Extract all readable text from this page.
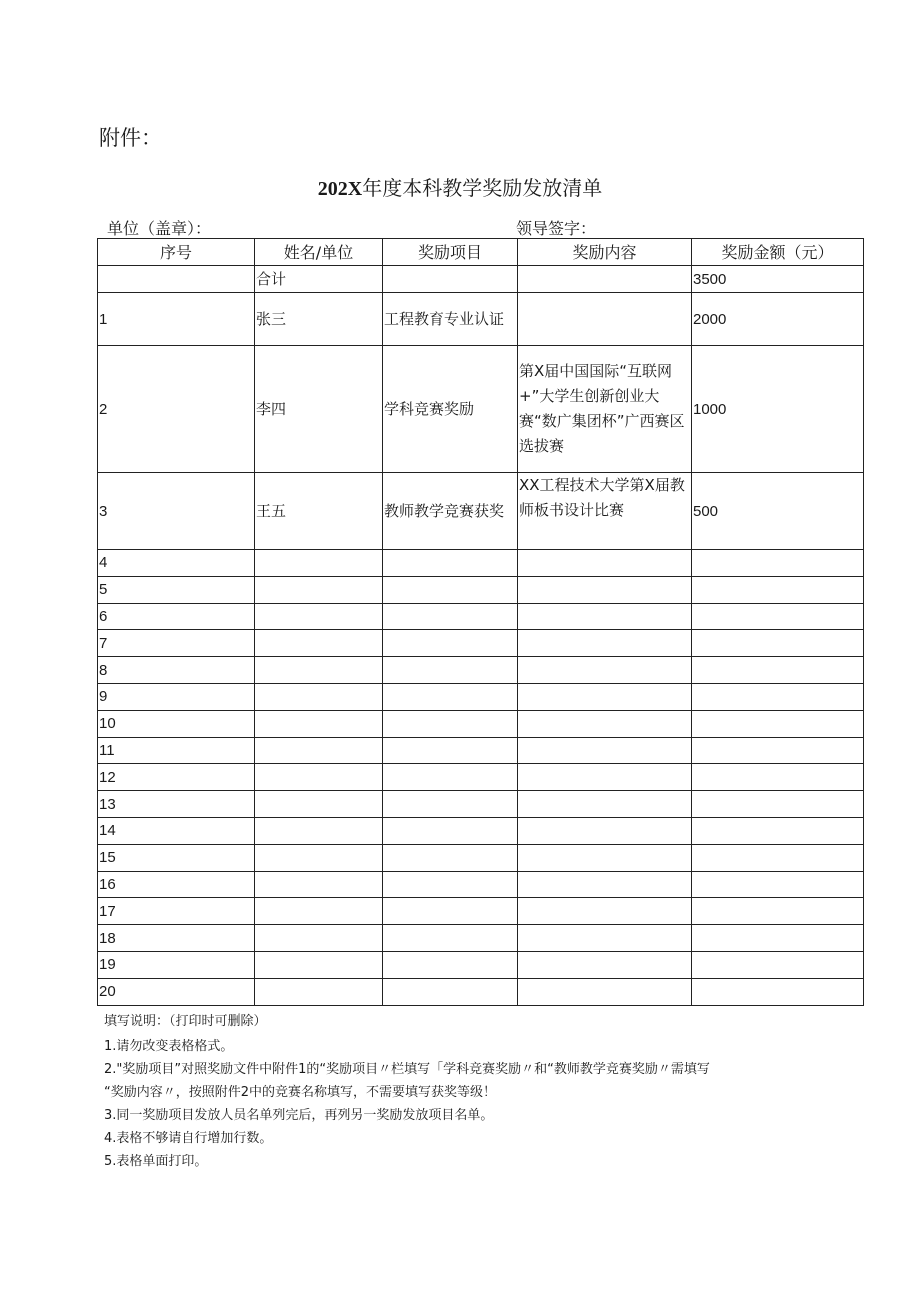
附件：
202X年度本科教学奖励发放清单
单位（盖章）：	领导签字：
序号	姓名/单位	奖励项目	奖励内容	奖励金额（元）
	合计			3500
1	张三	工程教育专业认证		2000
2	李四	学科竞赛奖励	第X届中国国际“互联网+”大学生创新创业大赛“数广集团杯”广西赛区选拔赛	1000
3	王五	教师教学竞赛获奖	XX工程技术大学第X届教师板书设计比赛	500
4				
5				
6				
7				
8				
9				
10				
11				
12				
13				
14				
15				
16				
17				
18				
19				
20				
填写说明：（打印时可删除）
1.请勿改变表格格式。
2."奖励项目”对照奖励文件中附件1的“奖励项目〃栏填写「学科竞赛奖励〃和“教师教学竞赛奖励〃需填写
“奖励内容〃，按照附件2中的竞赛名称填写，不需要填写获奖等级！
3.同一奖励项目发放人员名单列完后，再列另一奖励发放项目名单。
4.表格不够请自行增加行数。
5.表格单面打印。
